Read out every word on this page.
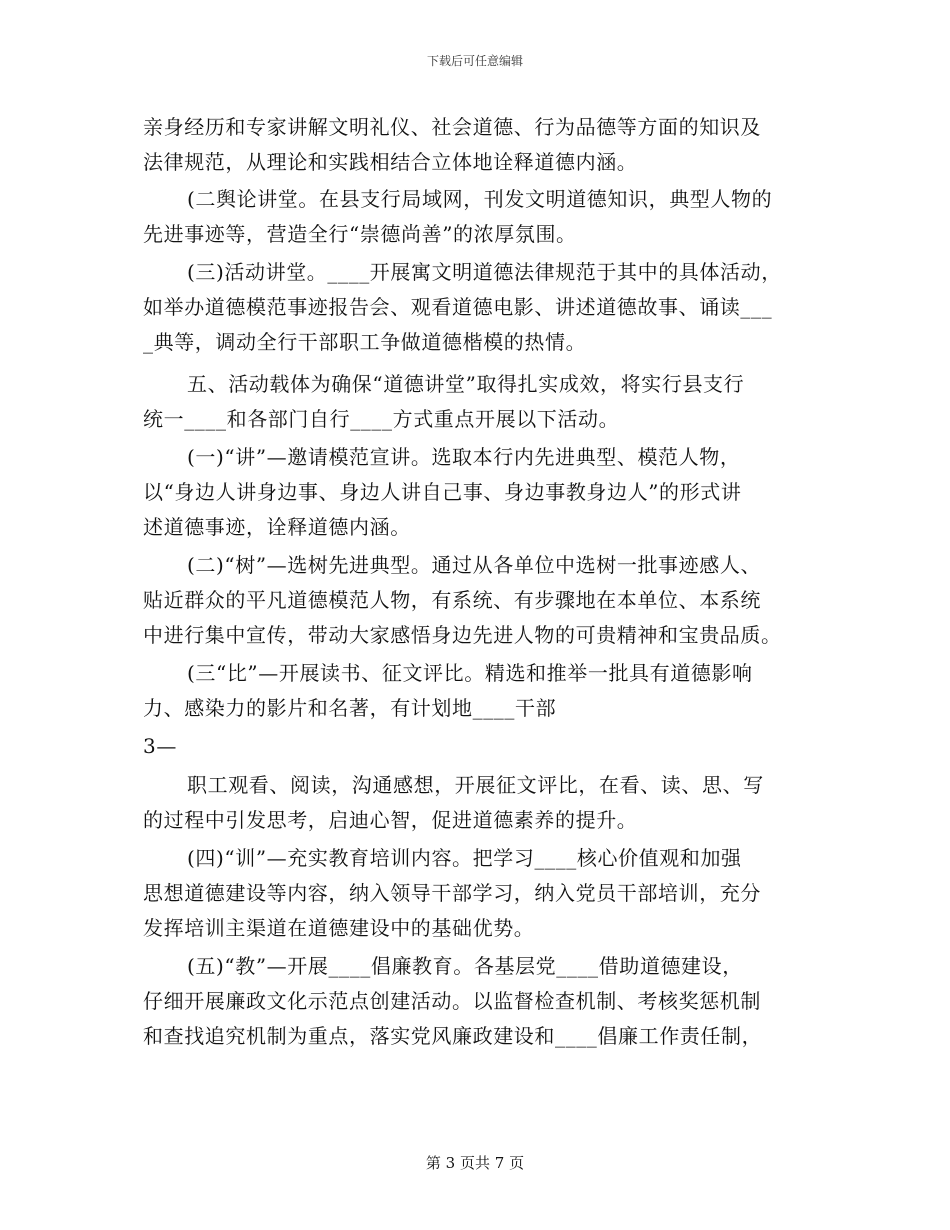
下载后可任意编辑
亲身经历和专家讲解文明礼仪、社会道德、行为品德等方面的知识及
法律规范，从理论和实践相结合立体地诠释道德内涵。
(二舆论讲堂。在县支行局域网，刊发文明道德知识，典型人物的
先进事迹等，营造全行“崇德尚善”的浓厚氛围。
(三)活动讲堂。____开展寓文明道德法律规范于其中的具体活动，
如举办道德模范事迹报告会、观看道德电影、讲述道德故事、诵读___
_典等，调动全行干部职工争做道德楷模的热情。
五、活动载体为确保“道德讲堂”取得扎实成效，将实行县支行
统一____和各部门自行____方式重点开展以下活动。
(一)“讲”—邀请模范宣讲。选取本行内先进典型、模范人物，
以“身边人讲身边事、身边人讲自己事、身边事教身边人”的形式讲
述道德事迹，诠释道德内涵。
(二)“树”—选树先进典型。通过从各单位中选树一批事迹感人、
贴近群众的平凡道德模范人物，有系统、有步骤地在本单位、本系统
中进行集中宣传，带动大家感悟身边先进人物的可贵精神和宝贵品质。
(三“比”—开展读书、征文评比。精选和推举一批具有道德影响
力、感染力的影片和名著，有计划地____干部
3—
职工观看、阅读，沟通感想，开展征文评比，在看、读、思、写
的过程中引发思考，启迪心智，促进道德素养的提升。
(四)“训”—充实教育培训内容。把学习____核心价值观和加强
思想道德建设等内容，纳入领导干部学习，纳入党员干部培训，充分
发挥培训主渠道在道德建设中的基础优势。
(五)“教”—开展____倡廉教育。各基层党____借助道德建设，
仔细开展廉政文化示范点创建活动。以监督检查机制、考核奖惩机制
和查找追究机制为重点，落实党风廉政建设和____倡廉工作责任制，
第 3 页共 7 页
